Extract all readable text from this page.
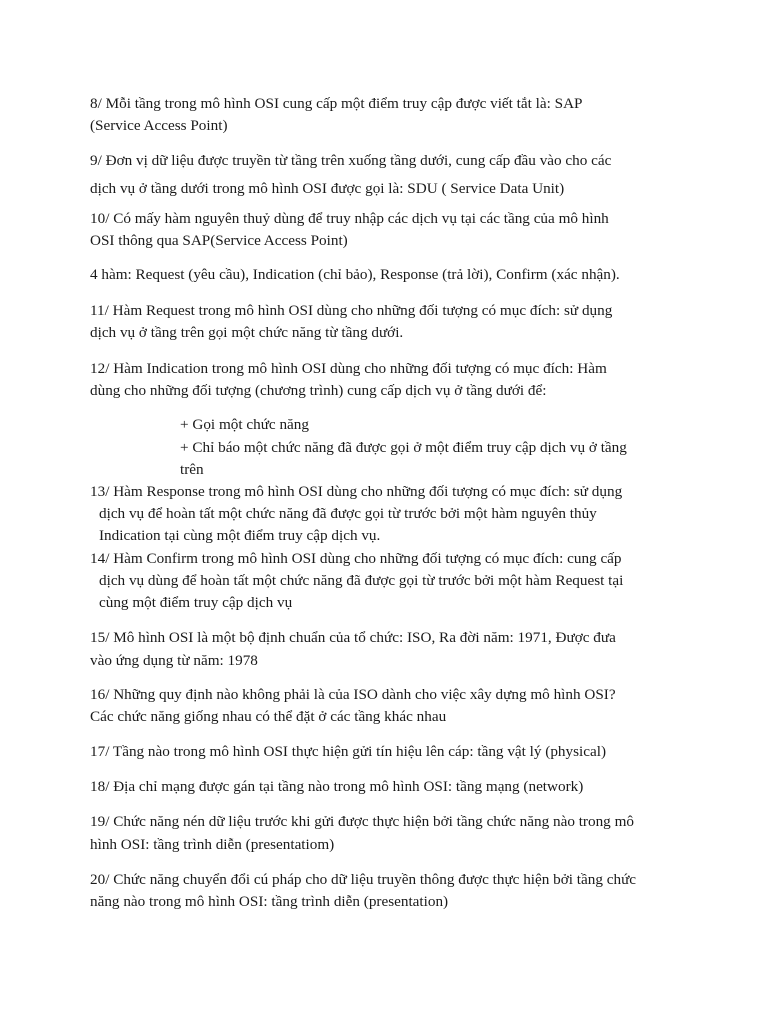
8/ Mỗi tầng trong mô hình OSI cung cấp một điểm truy cập được viết tắt là: SAP
(Service Access Point)
9/ Đơn vị dữ liệu được truyền từ tầng trên xuống tầng dưới, cung cấp đầu vào cho các
dịch vụ ở tầng dưới trong mô hình OSI được gọi là: SDU ( Service Data Unit)
10/ Có mấy hàm nguyên thuỷ dùng để truy nhập các dịch vụ tại các tầng của mô hình
OSI thông qua SAP(Service Access Point)
4 hàm: Request (yêu cầu), Indication (chỉ bảo), Response (trả lời), Confirm (xác nhận).
11/ Hàm Request trong mô hình OSI dùng cho những đối tượng có mục đích: sử dụng
dịch vụ ở tầng trên gọi một chức năng từ tầng dưới.
12/ Hàm Indication trong mô hình OSI dùng cho những đối tượng có mục đích: Hàm
dùng cho những đối tượng (chương trình) cung cấp dịch vụ ở tầng dưới để:
+ Gọi một chức năng
+ Chỉ báo một chức năng đã được gọi ở một điểm truy cập dịch vụ ở tầng
trên
13/ Hàm Response trong mô hình OSI dùng cho những đối tượng có mục đích: sử dụng
dịch vụ để hoàn tất một chức năng đã được gọi từ trước bởi một hàm nguyên thủy
Indication tại cùng một điểm truy cập dịch vụ.
14/ Hàm Confirm trong mô hình OSI dùng cho những đối tượng có mục đích: cung cấp
dịch vụ dùng để hoàn tất một chức năng đã được gọi từ trước bởi một hàm Request tại
cùng một điểm truy cập dịch vụ
15/ Mô hình OSI là một bộ định chuẩn của tổ chức: ISO, Ra đời năm: 1971, Được đưa
vào ứng dụng từ năm: 1978
16/ Những quy định nào không phải là của ISO dành cho việc xây dựng mô hình OSI?
Các chức năng giống nhau có thể đặt ở các tầng khác nhau
17/ Tầng nào trong mô hình OSI thực hiện gửi tín hiệu lên cáp: tầng vật lý (physical)
18/ Địa chỉ mạng được gán tại tầng nào trong mô hình OSI: tầng mạng (network)
19/ Chức năng nén dữ liệu trước khi gửi được thực hiện bởi tầng chức năng nào trong mô
hình OSI: tầng trình diễn (presentatiom)
20/ Chức năng chuyển đổi cú pháp cho dữ liệu truyền thông được thực hiện bởi tầng chức
năng nào trong mô hình OSI: tầng trình diễn (presentation)
